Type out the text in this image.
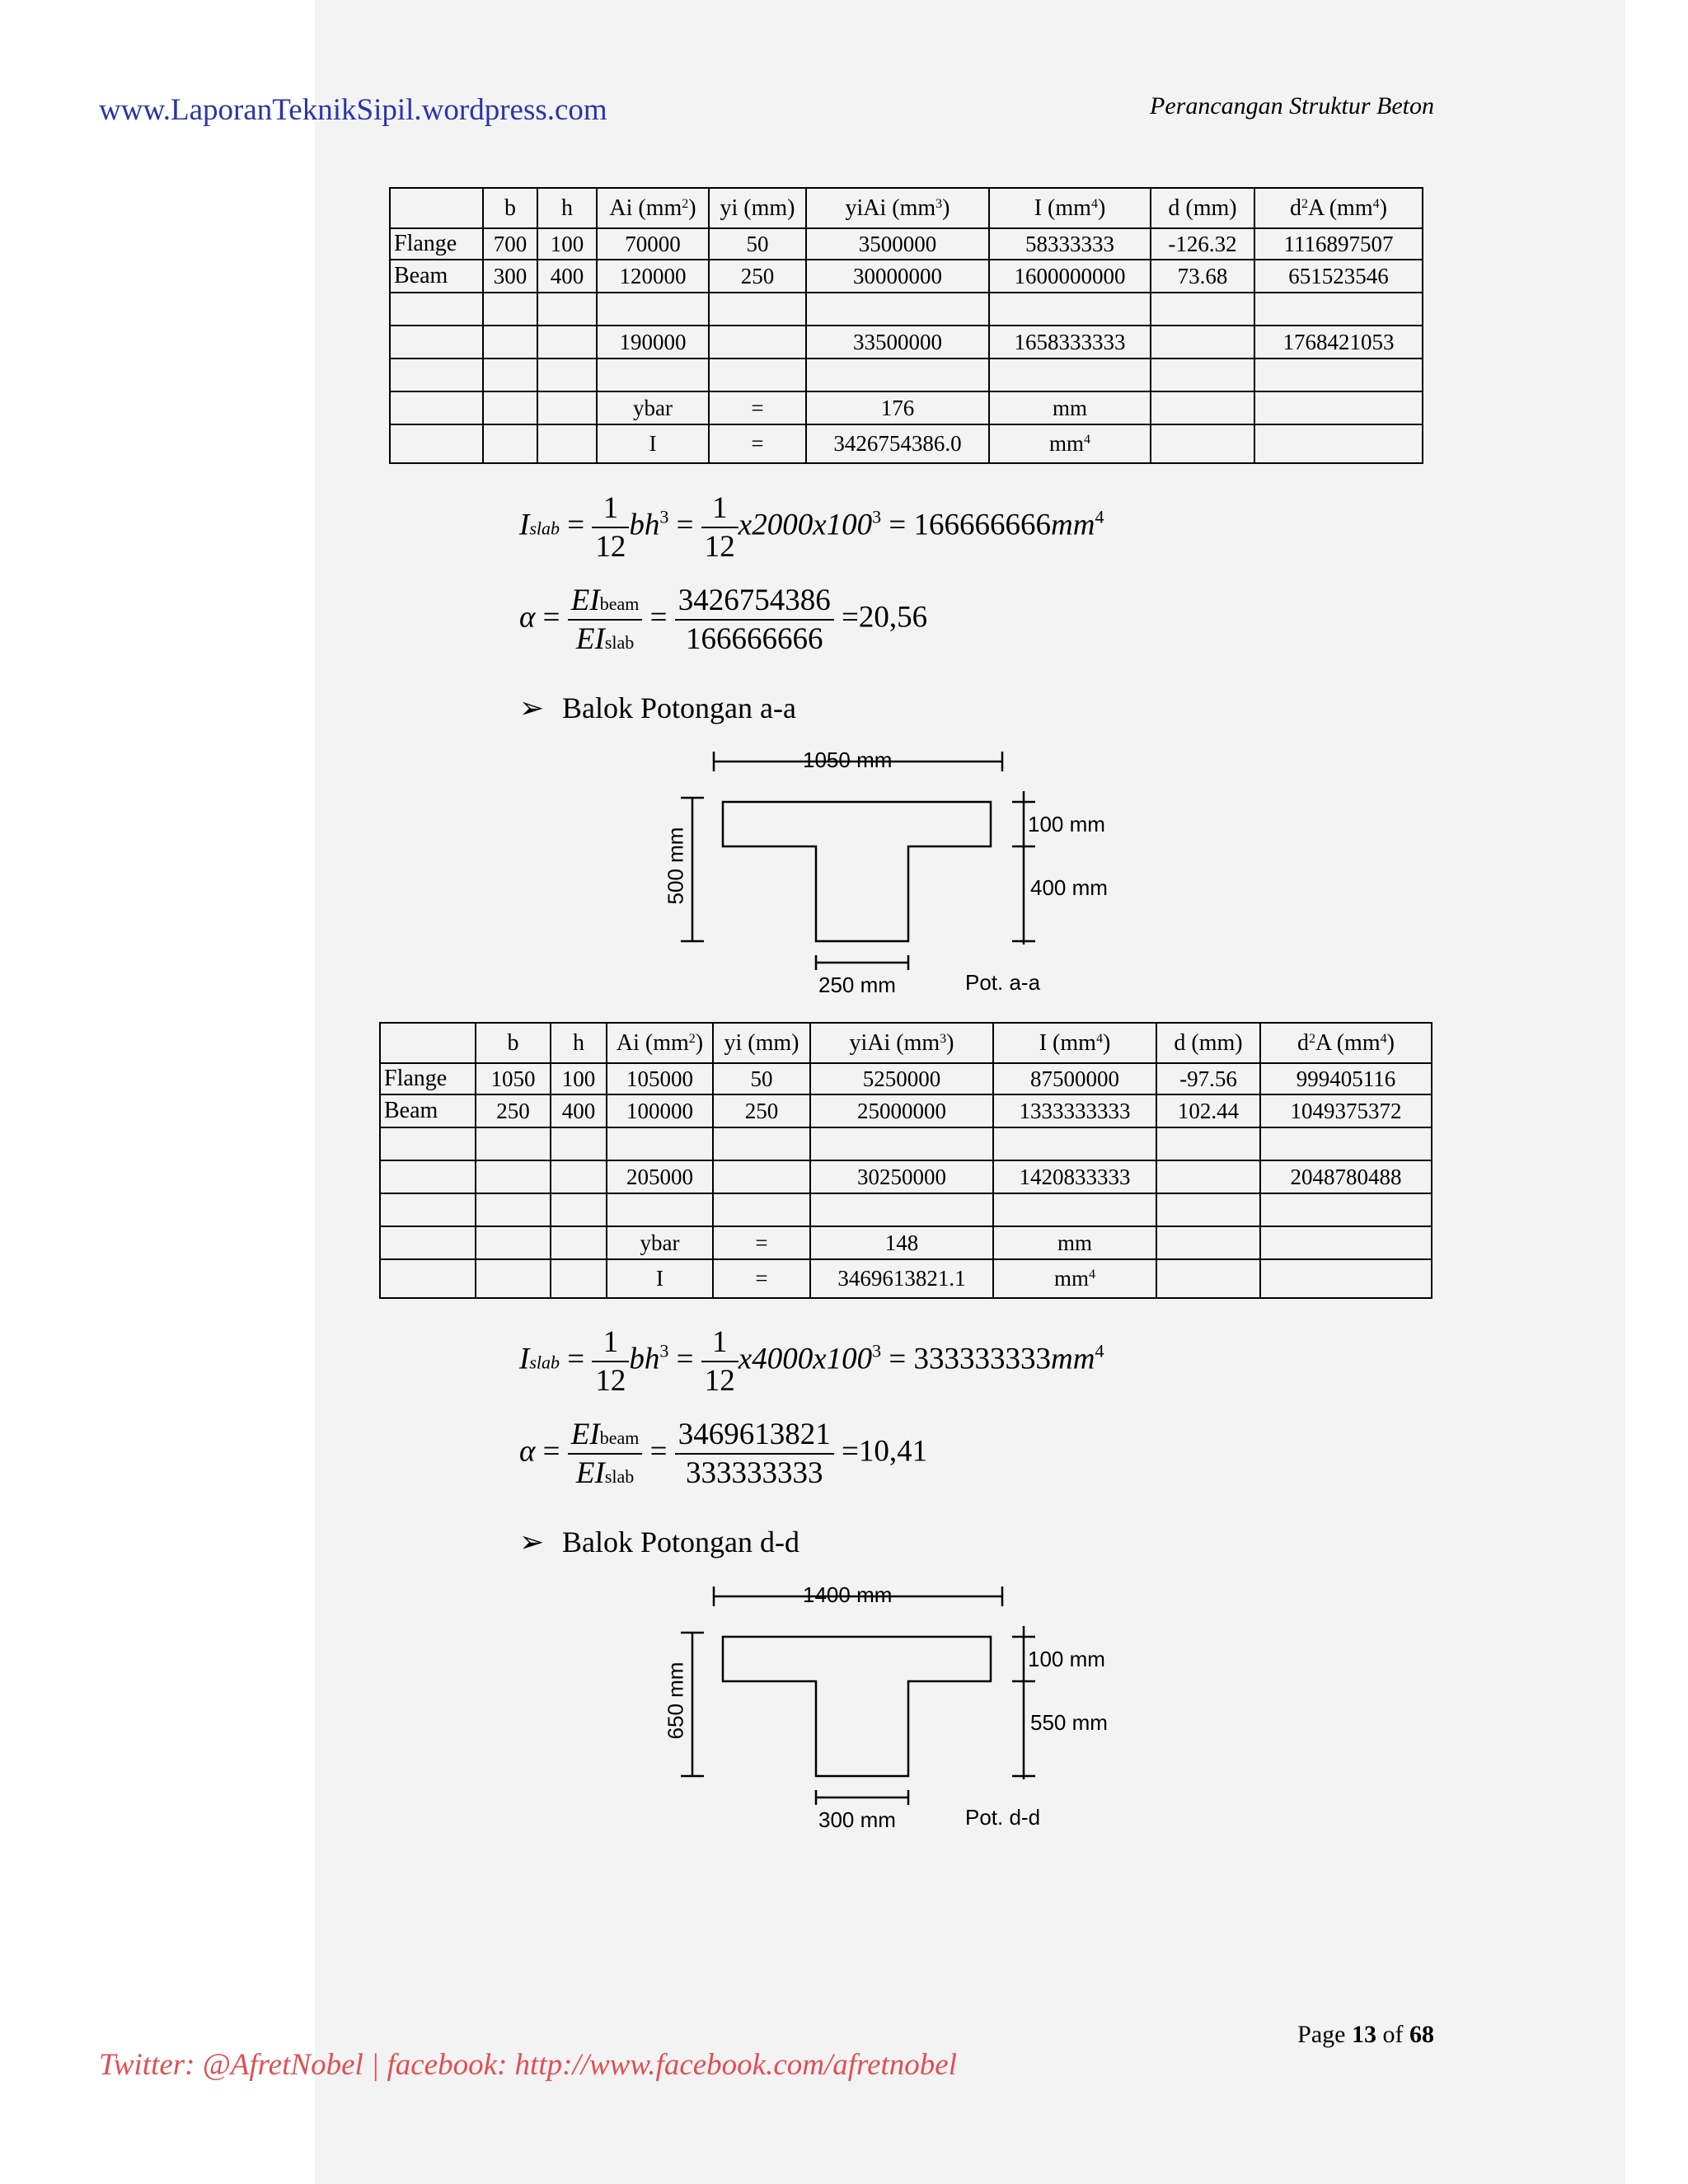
www.LaporanTeknikSipil.wordpress.com	Perancangan Struktur Beton
	b	h	Ai $(mm^2)$	yi (mm)	yiAi $(mm^3)$	I $(mm^4)$	d (mm)	$d^2A$ $(mm^4)$
Flange	700	100	70000	50	3500000	58333333	-126.32	1116897507
Beam	300	400	120000	250	30000000	1600000000	73.68	651523546

			190000		33500000	1658333333		1768421053

			ybar	=	176	mm		
			I	=	3426754386.0	$mm^4$		
Islab = $\frac{1}{12} bh^3 = \frac{1}{12} x2000x100^3 = 166666666mm^4$
$\alpha = \frac{\text{EIbeam}}{\text{EIslab}} = \frac{3426754386}{166666666} =20,56$
➢ Balok Potongan a-a
1050 mm
100 mm
400 mm
500 mm
250 mm	Pot. a-a
	b	h	Ai $(mm^2)$	yi (mm)	yiAi $(mm^3)$	I $(mm^4)$	d (mm)	$d^2A$ $(mm^4)$
Flange	1050	100	105000	50	5250000	87500000	-97.56	999405116
Beam	250	400	100000	250	25000000	1333333333	102.44	1049375372

			205000		30250000	1420833333		2048780488

			ybar	=	148	mm		
			I	=	3469613821.1	$mm^4$		
Islab = $\frac{1}{12} bh^3 = \frac{1}{12} x4000x100^3 = 333333333mm^4$
$\alpha = \frac{\text{EIbeam}}{\text{EIslab}} = \frac{3469613821}{333333333} =10,41$
➢ Balok Potongan d-d
1400 mm
100 mm
550 mm
650 mm
300 mm	Pot. d-d
Page 13 of 68
Twitter: @AfretNobel | facebook: http://www.facebook.com/afretnobel
